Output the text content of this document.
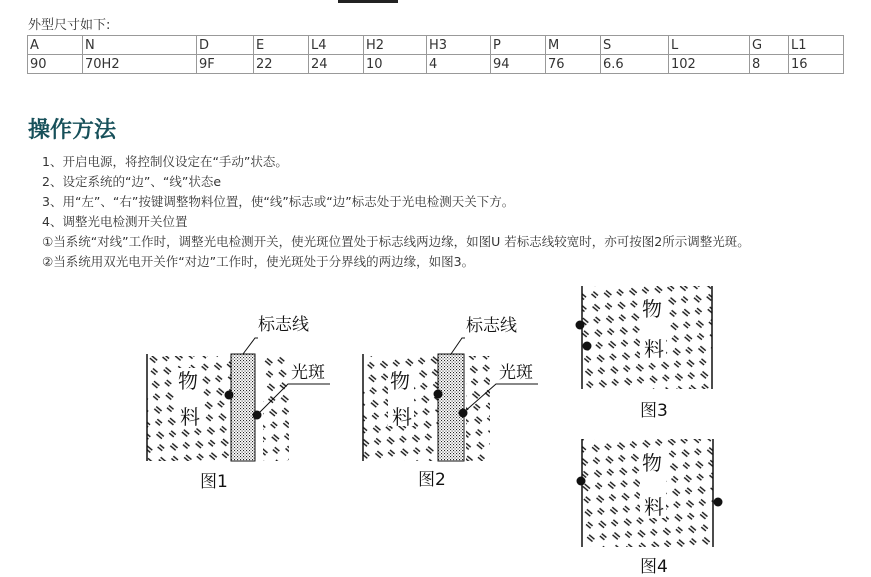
外型尺寸如下:
A	N	D	E	L4	H2	H3	P	M	S	L	G	L1
90	70H2	9F	22	24	10	4	94	76	6.6	102	8	16
操作方法
1、开启电源，将控制仪设定在“手动”状态。
2、设定系统的“边”、“线”状态e
3、用“左”、“右”按键调整物料位置，使“线”标志或“边”标志处于光电检测天关下方。
4、调整光电检测开关位置
①当系统“对线”工作时，调整光电检测开关，使光斑位置处于标志线两边缘，如图U 若标志线较宽时，亦可按图2所示调整光斑。
②当系统用双光电开关作“对边”工作时，使光斑处于分界线的两边缘，如图3。
物
料
标志线
光斑
图1
物
料
标志线
光斑
图2
物
料
图3
物
料
图4
